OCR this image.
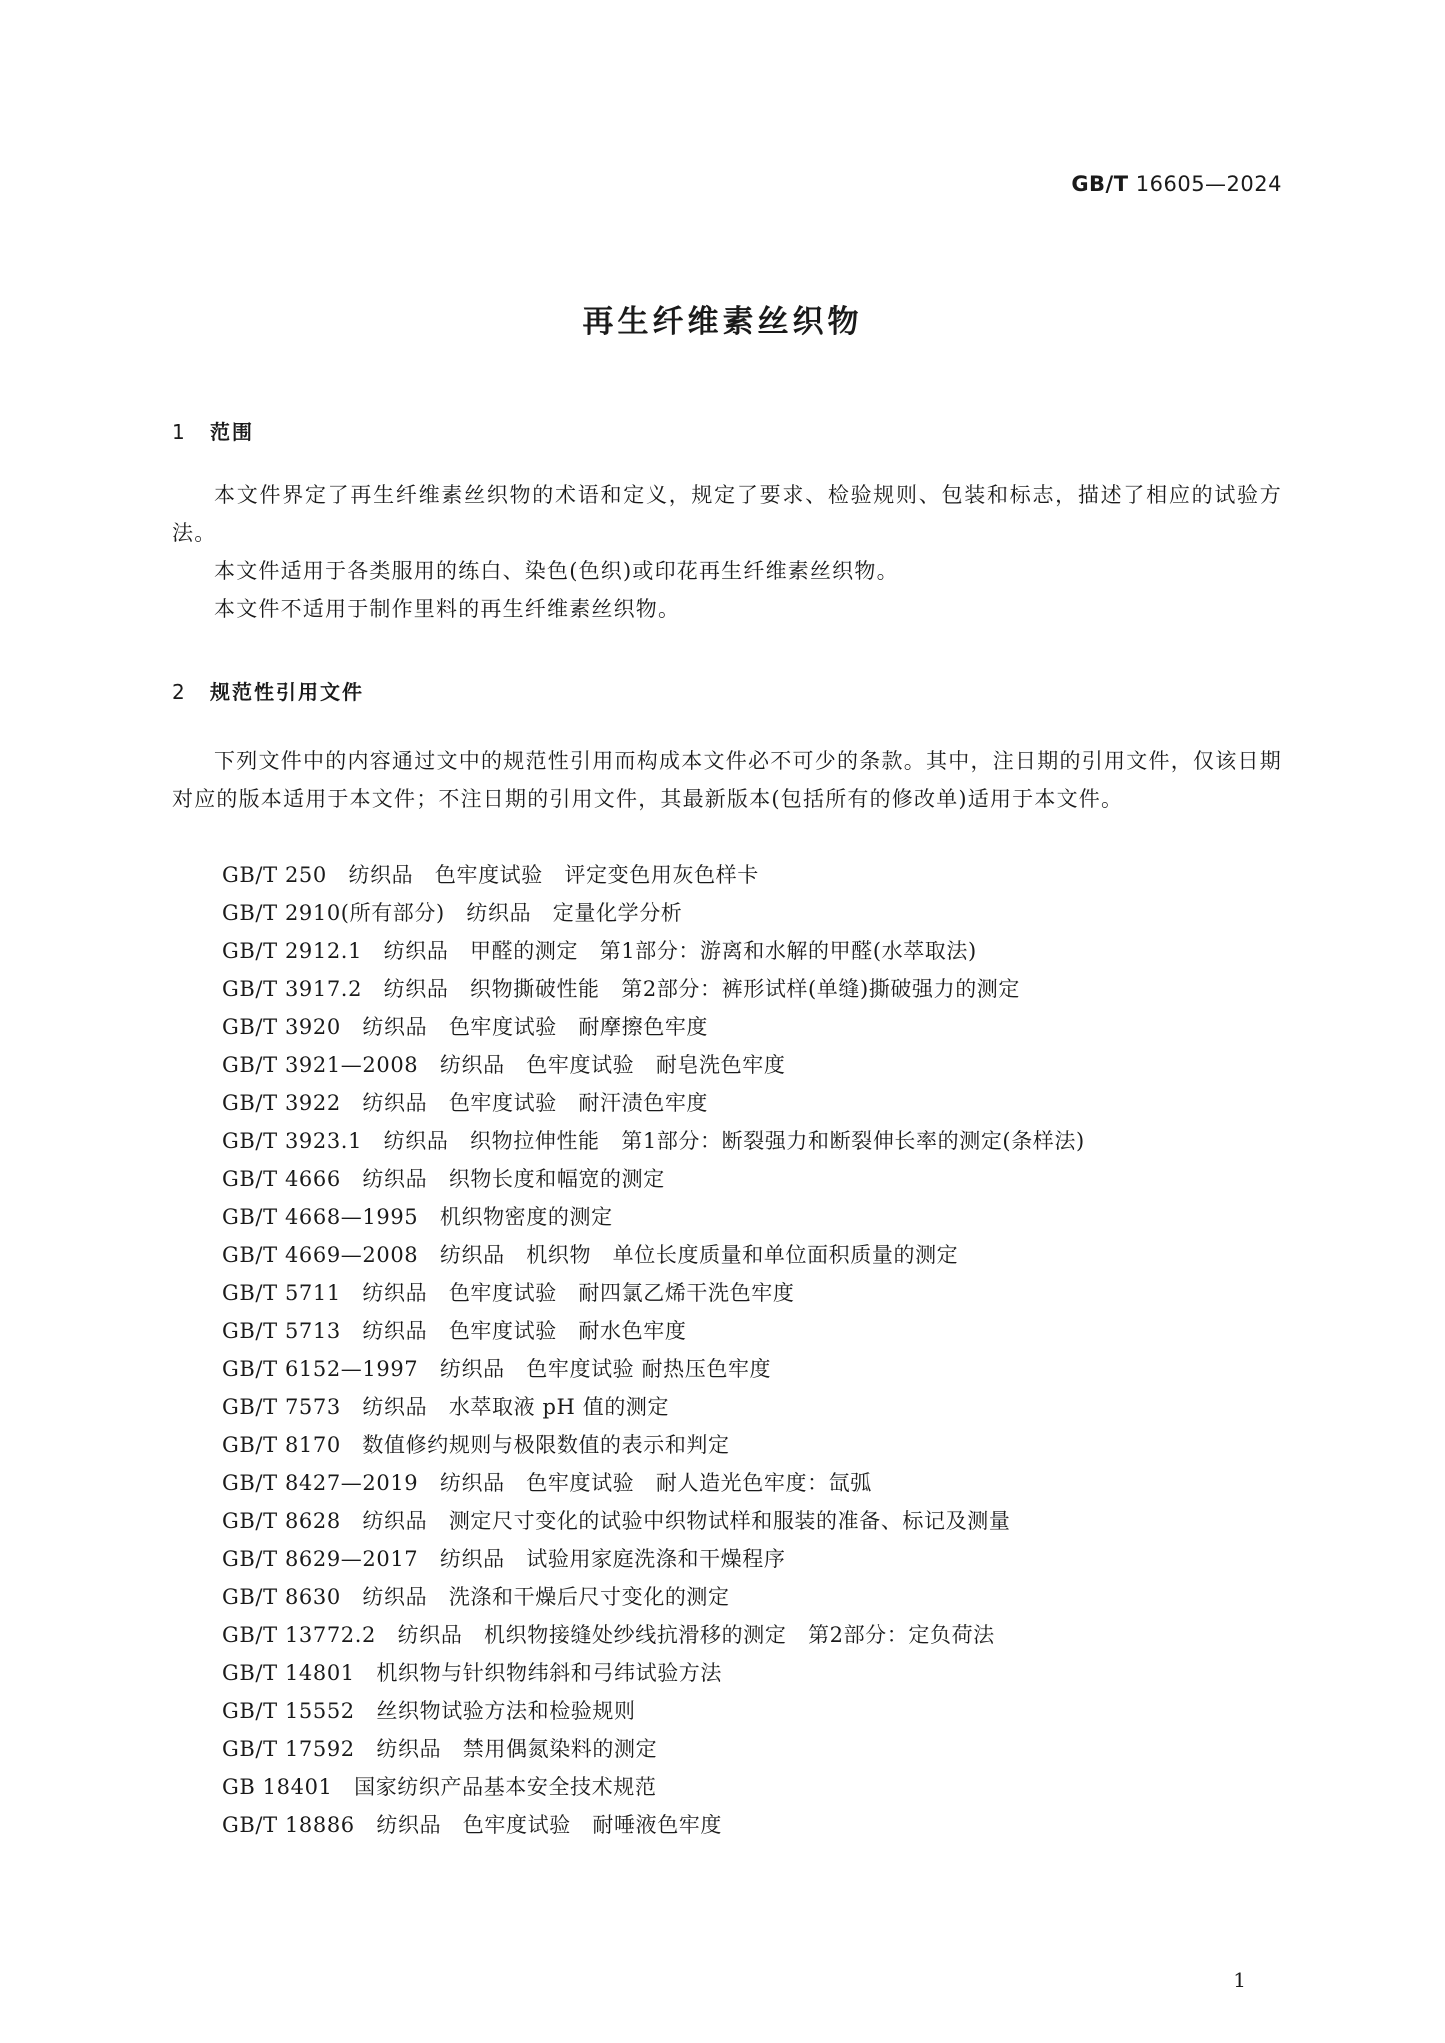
GB/T 16605—2024
再生纤维素丝织物
1 范围

本文件界定了再生纤维素丝织物的术语和定义，规定了要求、检验规则、包装和标志，描述了相应的试验方法。

本文件适用于各类服用的练白、染色(色织)或印花再生纤维素丝织物。

本文件不适用于制作里料的再生纤维素丝织物。

2 规范性引用文件

下列文件中的内容通过文中的规范性引用而构成本文件必不可少的条款。其中，注日期的引用文件，仅该日期对应的版本适用于本文件；不注日期的引用文件，其最新版本(包括所有的修改单)适用于本文件。

GB/T 250　 纺织品　色牢度试验　评定变色用灰色样卡
GB/T 2910(所有部分)　 纺织品　定量化学分析
GB/T 2912.1　 纺织品　甲醛的测定　第1部分：游离和水解的甲醛(水萃取法)
GB/T 3917.2　 纺织品　织物撕破性能　第2部分：裤形试样(单缝)撕破强力的测定
GB/T 3920　 纺织品　色牢度试验　耐摩擦色牢度
GB/T 3921—2008　 纺织品　色牢度试验　耐皂洗色牢度
GB/T 3922　 纺织品　色牢度试验　耐汗渍色牢度
GB/T 3923.1　 纺织品　织物拉伸性能　第1部分：断裂强力和断裂伸长率的测定(条样法)
GB/T 4666　 纺织品　织物长度和幅宽的测定
GB/T 4668—1995　 机织物密度的测定
GB/T 4669—2008　 纺织品　机织物　单位长度质量和单位面积质量的测定
GB/T 5711　 纺织品　色牢度试验　耐四氯乙烯干洗色牢度
GB/T 5713　 纺织品　色牢度试验　耐水色牢度
GB/T 6152—1997　 纺织品　色牢度试验 耐热压色牢度
GB/T 7573　 纺织品　水萃取液 pH 值的测定
GB/T 8170　 数值修约规则与极限数值的表示和判定
GB/T 8427—2019　 纺织品　色牢度试验　耐人造光色牢度：氙弧
GB/T 8628　 纺织品　测定尺寸变化的试验中织物试样和服装的准备、标记及测量
GB/T 8629—2017　 纺织品　试验用家庭洗涤和干燥程序
GB/T 8630　 纺织品　洗涤和干燥后尺寸变化的测定
GB/T 13772.2　 纺织品　机织物接缝处纱线抗滑移的测定　第2部分：定负荷法
GB/T 14801　 机织物与针织物纬斜和弓纬试验方法
GB/T 15552　 丝织物试验方法和检验规则
GB/T 17592　 纺织品　禁用偶氮染料的测定
GB 18401　 国家纺织产品基本安全技术规范
GB/T 18886　 纺织品　色牢度试验　耐唾液色牢度
1
